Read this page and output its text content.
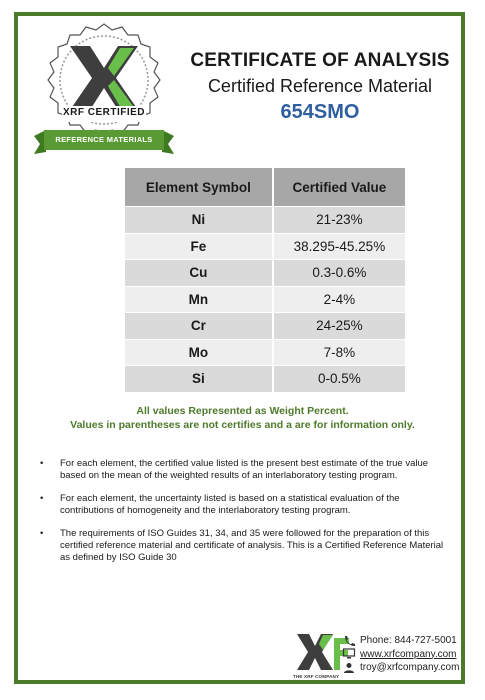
XRF CERTIFIED
REFERENCE MATERIALS
CERTIFICATE OF ANALYSIS
Certified Reference Material
654SMO
Element Symbol	Certified Value
Ni	21-23%
Fe	38.295-45.25%
Cu	0.3-0.6%
Mn	2-4%
Cr	24-25%
Mo	7-8%
Si	0-0.5%
All values Represented as Weight Percent.
Values in parentheses are not certifies and a are for information only.
• For each element, the certified value listed is the present best estimate of the true value based on the mean of the weighted results of an interlaboratory testing program.
• For each element, the uncertainty listed is based on a statistical evaluation of the contributions of homogeneity and the interlaboratory testing program.
• The requirements of ISO Guides 31, 34, and 35 were followed for the preparation of this certified reference material and certificate of analysis. This is a Certified Reference Material as defined by ISO Guide 30
THE XRF COMPANY
Phone: 844-727-5001
www.xrfcompany.com
troy@xrfcompany.com
